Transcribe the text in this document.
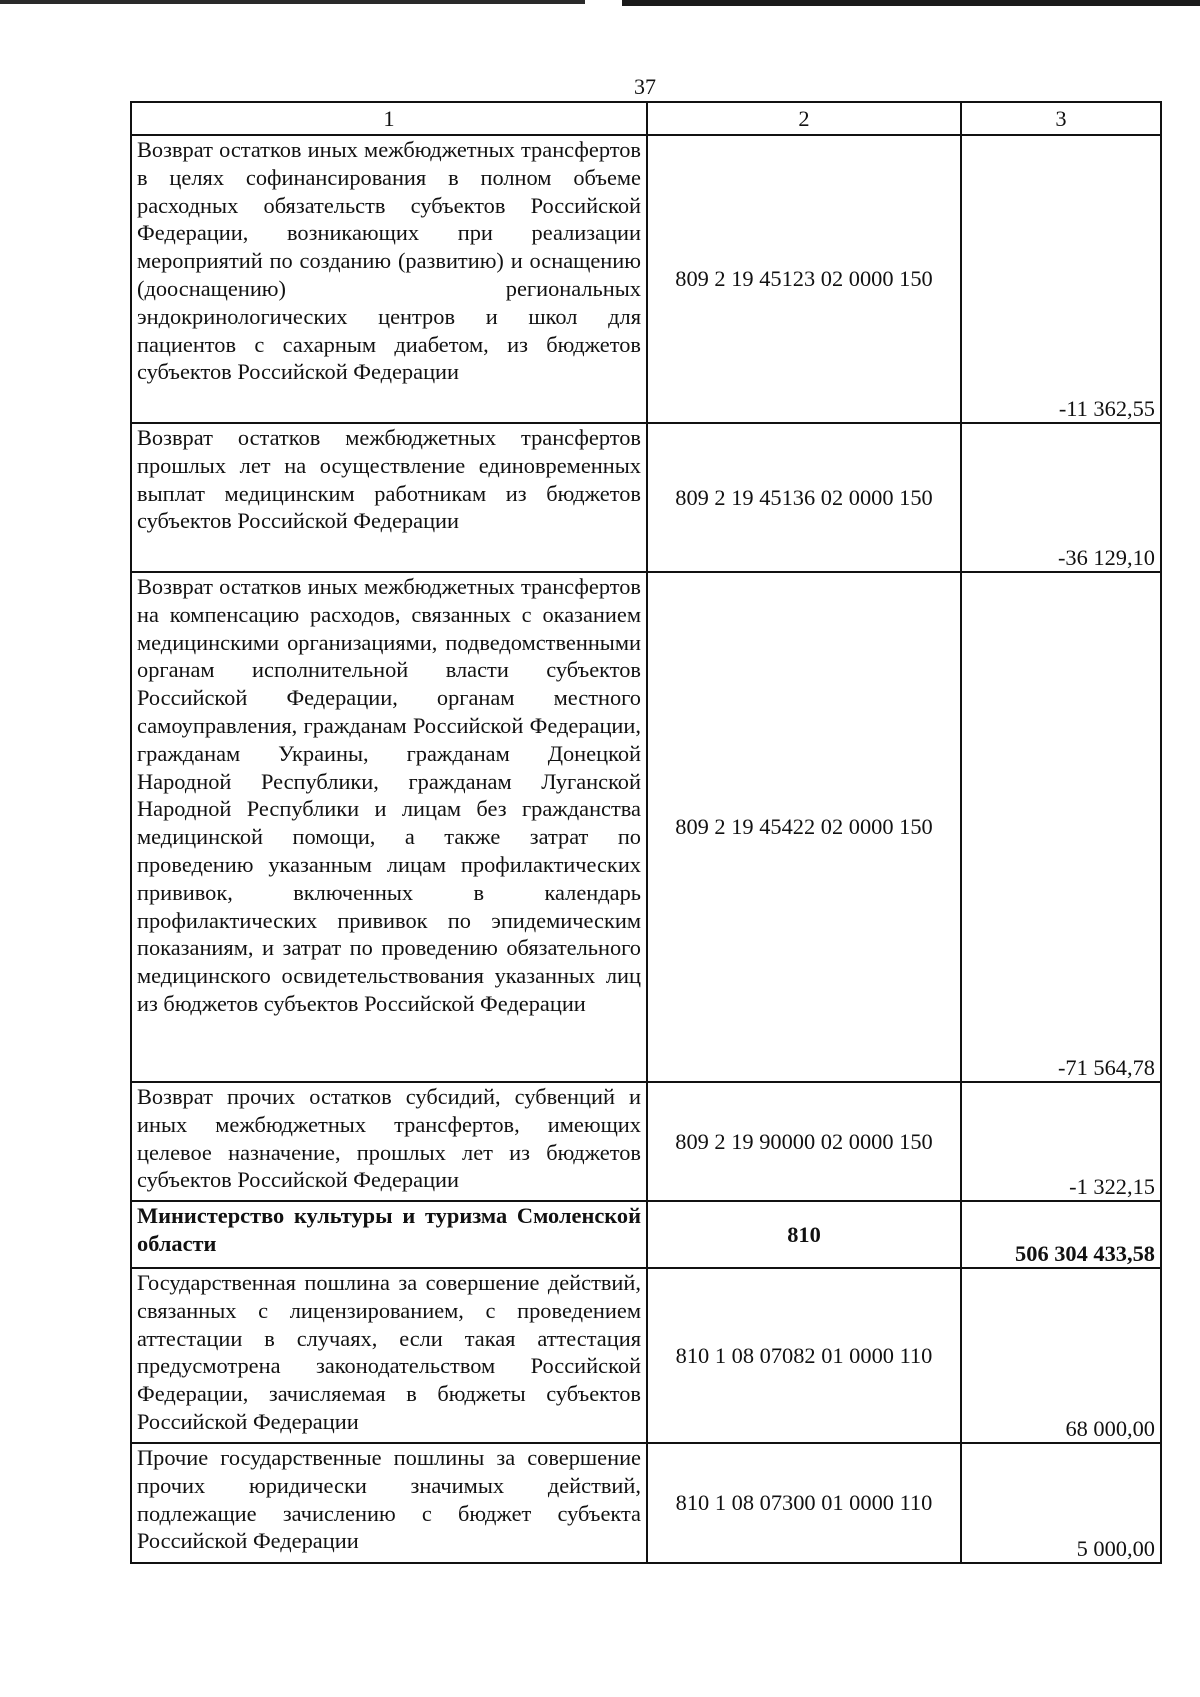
37
1	2	3
Возврат остатков иных межбюджетных трансфертов в целях софинансирования в полном объеме расходных обязательств субъектов Российской Федерации, возникающих при реализации мероприятий по созданию (развитию) и оснащению (дооснащению) региональных эндокринологических центров и школ для пациентов с сахарным диабетом, из бюджетов субъектов Российской Федерации	809 2 19 45123 02 0000 150	-11 362,55
Возврат остатков межбюджетных трансфертов прошлых лет на осуществление единовременных выплат медицинским работникам из бюджетов субъектов Российской Федерации	809 2 19 45136 02 0000 150	-36 129,10
Возврат остатков иных межбюджетных трансфертов на компенсацию расходов, связанных с оказанием медицинскими организациями, подведомственными органам исполнительной власти субъектов Российской Федерации, органам местного самоуправления, гражданам Российской Федерации, гражданам Украины, гражданам Донецкой Народной Республики, гражданам Луганской Народной Республики и лицам без гражданства медицинской помощи, а также затрат по проведению указанным лицам профилактических прививок, включенных в календарь профилактических прививок по эпидемическим показаниям, и затрат по проведению обязательного медицинского освидетельствования указанных лиц из бюджетов субъектов Российской Федерации	809 2 19 45422 02 0000 150	-71 564,78
Возврат прочих остатков субсидий, субвенций и иных межбюджетных трансфертов, имеющих целевое назначение, прошлых лет из бюджетов субъектов Российской Федерации	809 2 19 90000 02 0000 150	-1 322,15
Министерство культуры и туризма Смоленской области	810	506 304 433,58
Государственная пошлина за совершение действий, связанных с лицензированием, с проведением аттестации в случаях, если такая аттестация предусмотрена законодательством Российской Федерации, зачисляемая в бюджеты субъектов Российской Федерации	810 1 08 07082 01 0000 110	68 000,00
Прочие государственные пошлины за совершение прочих юридически значимых действий, подлежащие зачислению с бюджет субъекта Российской Федерации	810 1 08 07300 01 0000 110	5 000,00
